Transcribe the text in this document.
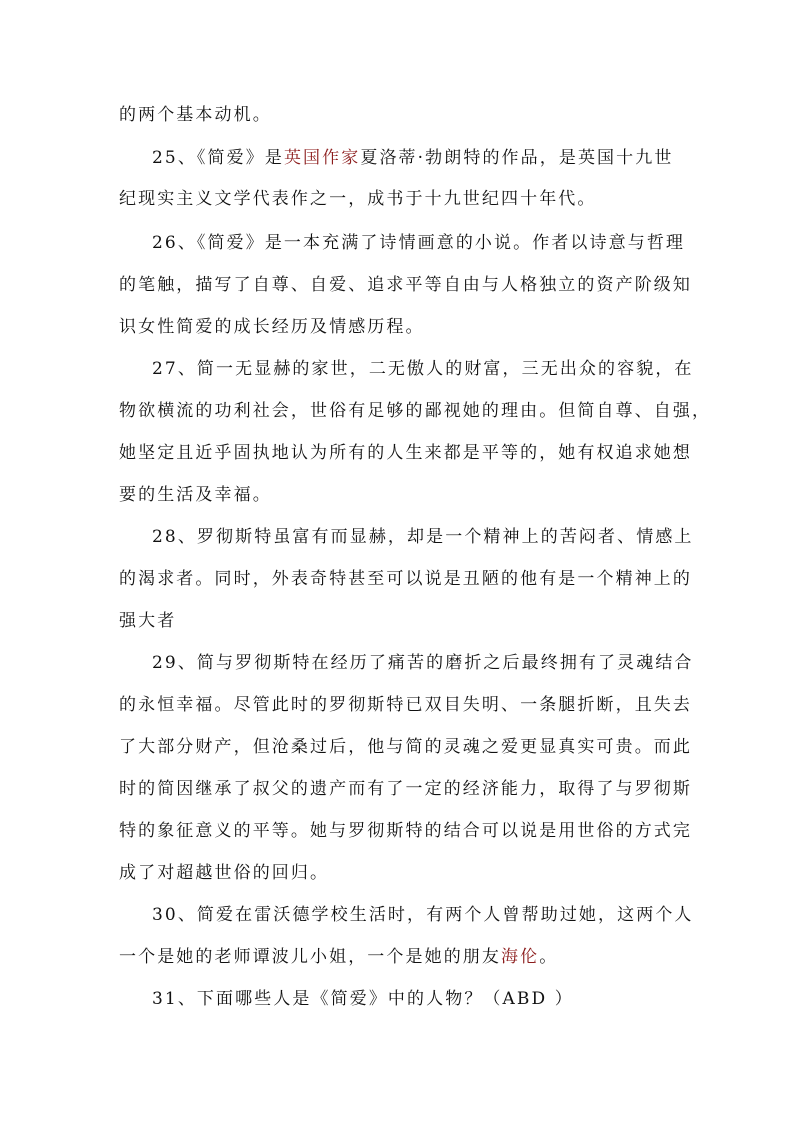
的两个基本动机。
25、《简爱》是英国作家夏洛蒂·勃朗特的作品，是英国十九世
纪现实主义文学代表作之一，成书于十九世纪四十年代。
26、《简爱》是一本充满了诗情画意的小说。作者以诗意与哲理
的笔触，描写了自尊、自爱、追求平等自由与人格独立的资产阶级知
识女性简爱的成长经历及情感历程。
27、简一无显赫的家世，二无傲人的财富，三无出众的容貌，在
物欲横流的功利社会，世俗有足够的鄙视她的理由。但简自尊、自强，
她坚定且近乎固执地认为所有的人生来都是平等的，她有权追求她想
要的生活及幸福。
28、罗彻斯特虽富有而显赫，却是一个精神上的苦闷者、情感上
的渴求者。同时，外表奇特甚至可以说是丑陋的他有是一个精神上的
强大者
29、简与罗彻斯特在经历了痛苦的磨折之后最终拥有了灵魂结合
的永恒幸福。尽管此时的罗彻斯特已双目失明、一条腿折断，且失去
了大部分财产，但沧桑过后，他与简的灵魂之爱更显真实可贵。而此
时的简因继承了叔父的遗产而有了一定的经济能力，取得了与罗彻斯
特的象征意义的平等。她与罗彻斯特的结合可以说是用世俗的方式完
成了对超越世俗的回归。
30、简爱在雷沃德学校生活时，有两个人曾帮助过她，这两个人
一个是她的老师谭波儿小姐，一个是她的朋友海伦。
31、下面哪些人是《简爱》中的人物？（ABD ）
